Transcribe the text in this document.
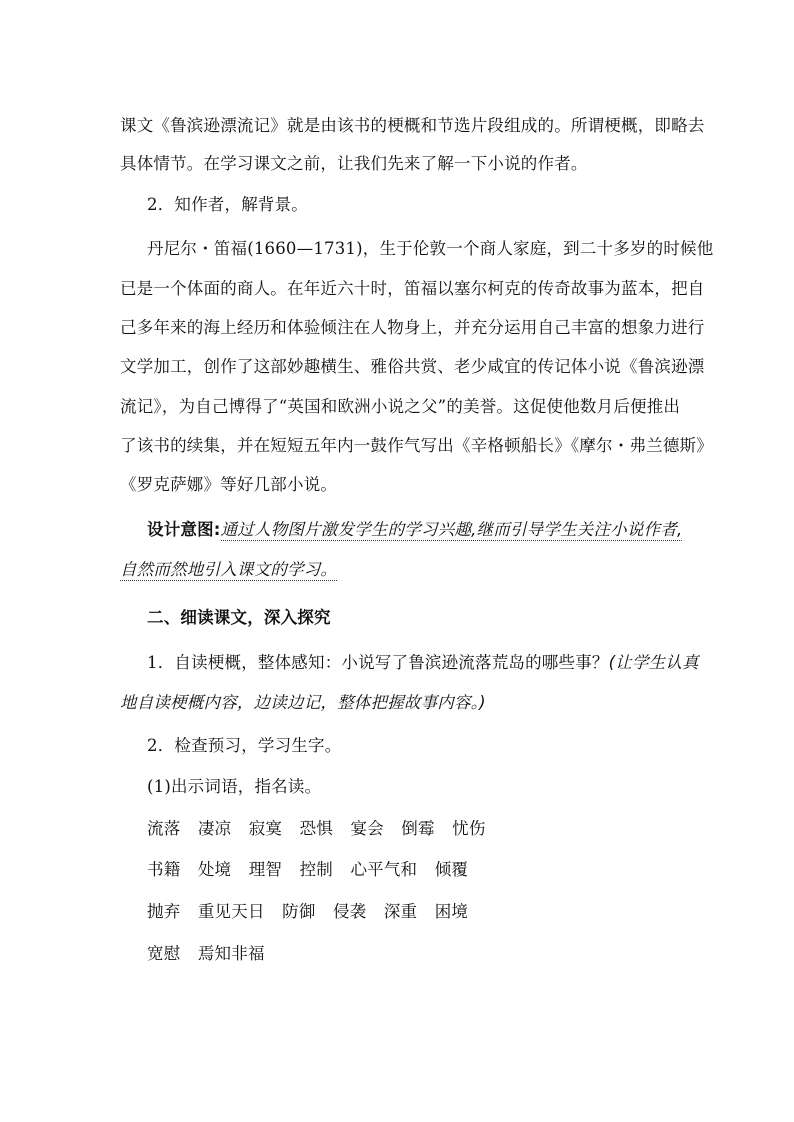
课文《鲁滨逊漂流记》就是由该书的梗概和节选片段组成的。所谓梗概，即略去
具体情节。在学习课文之前，让我们先来了解一下小说的作者。
2．知作者，解背景。
丹尼尔・笛福(1660—1731)，生于伦敦一个商人家庭，到二十多岁的时候他
已是一个体面的商人。在年近六十时，笛福以塞尔柯克的传奇故事为蓝本，把自
己多年来的海上经历和体验倾注在人物身上，并充分运用自己丰富的想象力进行
文学加工，创作了这部妙趣横生、雅俗共赏、老少咸宜的传记体小说《鲁滨逊漂
流记》，为自己博得了“英国和欧洲小说之父”的美誉。这促使他数月后便推出
了该书的续集，并在短短五年内一鼓作气写出《辛格顿船长》《摩尔・弗兰德斯》
《罗克萨娜》等好几部小说。
设计意图:通过人物图片激发学生的学习兴趣,继而引导学生关注小说作者,
自然而然地引入课文的学习。
二、细读课文，深入探究
1．自读梗概，整体感知：小说写了鲁滨逊流落荒岛的哪些事？(让学生认真
地自读梗概内容，边读边记，整体把握故事内容。)
2．检查预习，学习生字。
(1)出示词语，指名读。
流落 凄凉 寂寞 恐惧 宴会 倒霉 忧伤
书籍 处境 理智 控制 心平气和 倾覆
抛弃 重见天日 防御 侵袭 深重 困境
宽慰 焉知非福
